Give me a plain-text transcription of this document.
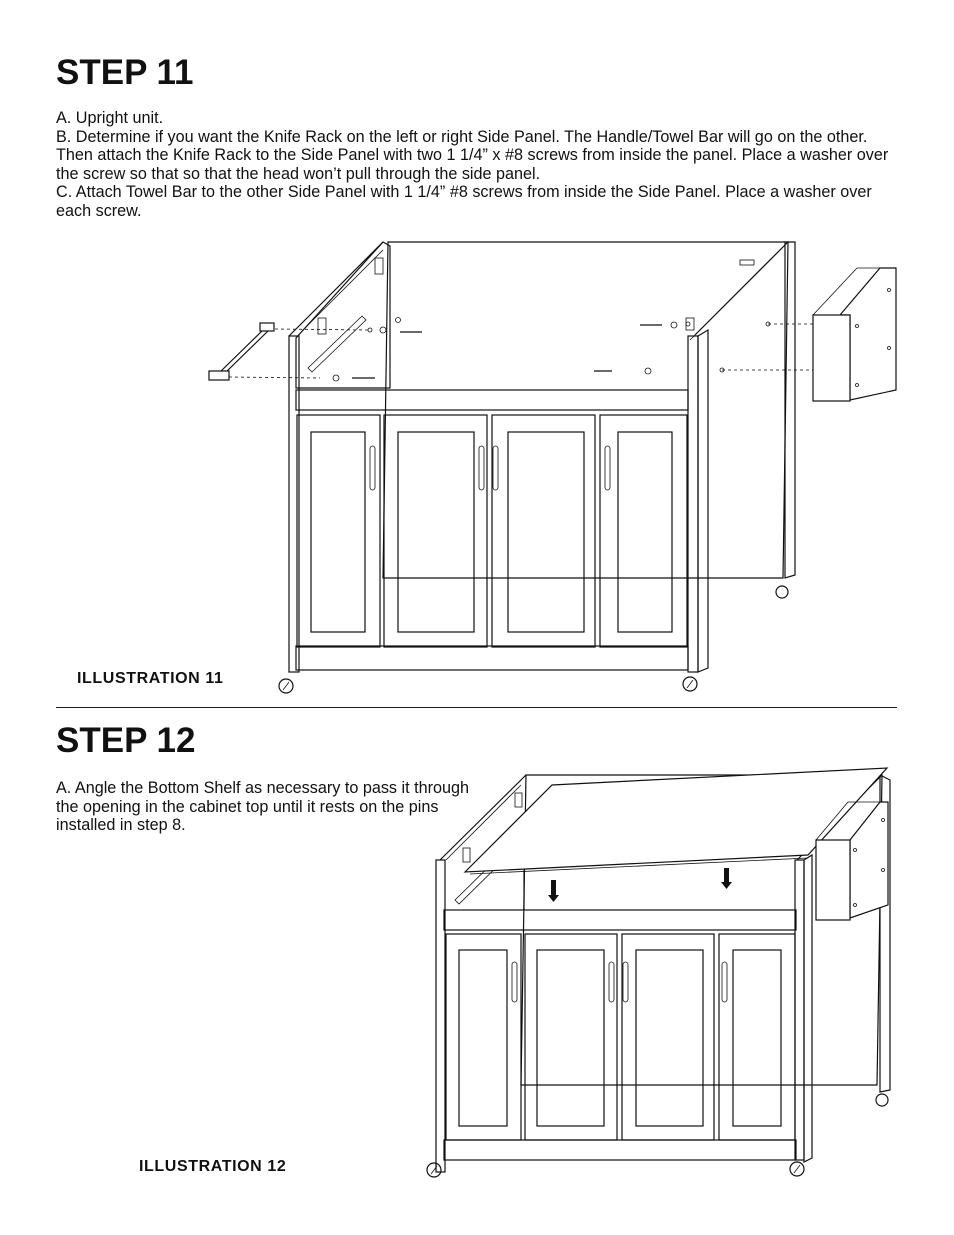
STEP 11

A. Upright unit.

B. Determine if you want the Knife Rack on the left or right Side Panel. The Handle/Towel Bar will go on the other. Then attach the Knife Rack to the Side Panel with two 1 1/4” x #8 screws from inside the panel. Place a washer over the screw so that so that the head won’t pull through the side panel.

C. Attach Towel Bar to the other Side Panel with 1 1/4” #8 screws from inside the Side Panel. Place a washer over each screw.

ILLUSTRATION 11
STEP 12

A. Angle the Bottom Shelf as necessary to pass it through the opening in the cabinet top until it rests on the pins installed in step 8.

ILLUSTRATION 12
